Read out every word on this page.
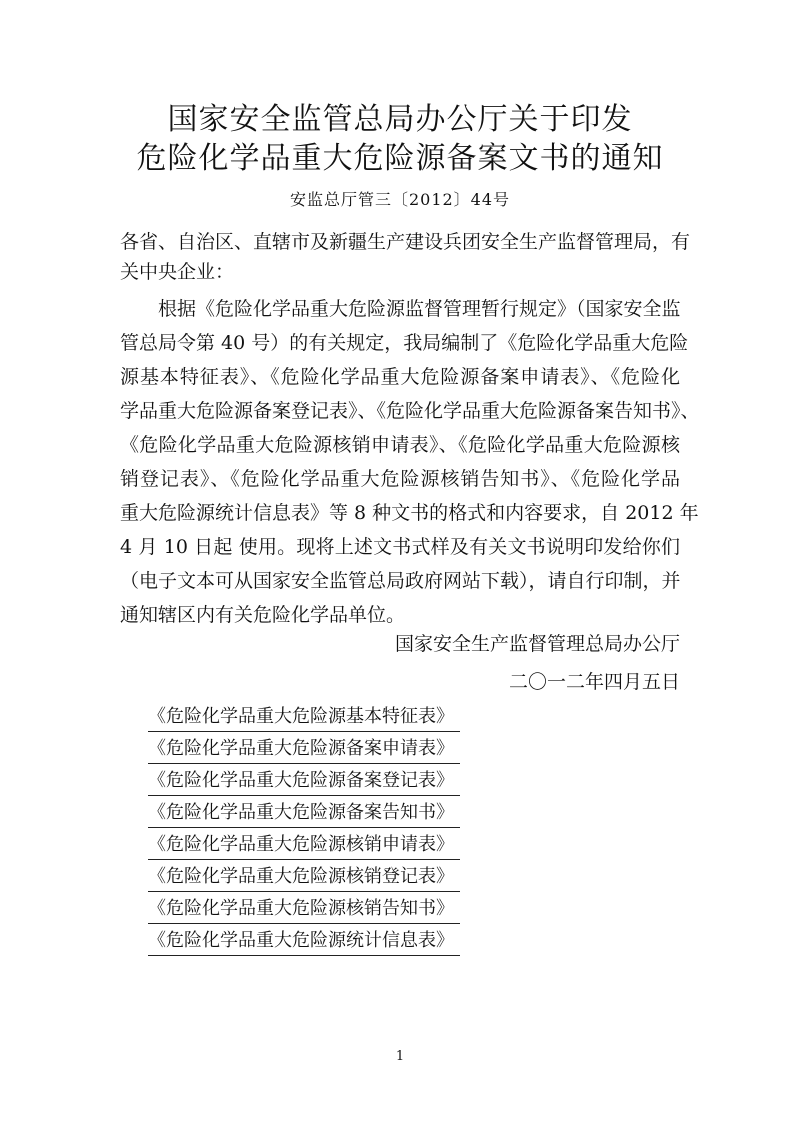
国家安全监管总局办公厅关于印发
危险化学品重大危险源备案文书的通知
安监总厅管三〔2012〕44号
各省、自治区、直辖市及新疆生产建设兵团安全生产监督管理局，有
关中央企业：
根据《危险化学品重大危险源监督管理暂行规定》（国家安全监
管总局令第 40 号）的有关规定，我局编制了《危险化学品重大危险
源基本特征表》、《危险化学品重大危险源备案申请表》、《危险化
学品重大危险源备案登记表》、《危险化学品重大危险源备案告知书》、
《危险化学品重大危险源核销申请表》、《危险化学品重大危险源核
销登记表》、《危险化学品重大危险源核销告知书》、《危险化学品
重大危险源统计信息表》等 8 种文书的格式和内容要求，自 2012 年
4 月 10 日起 使用。现将上述文书式样及有关文书说明印发给你们
（电子文本可从国家安全监管总局政府网站下载），请自行印制，并
通知辖区内有关危险化学品单位。
国家安全生产监督管理总局办公厅
二〇一二年四月五日
《危险化学品重大危险源基本特征表》
《危险化学品重大危险源备案申请表》
《危险化学品重大危险源备案登记表》
《危险化学品重大危险源备案告知书》
《危险化学品重大危险源核销申请表》
《危险化学品重大危险源核销登记表》
《危险化学品重大危险源核销告知书》
《危险化学品重大危险源统计信息表》
1
